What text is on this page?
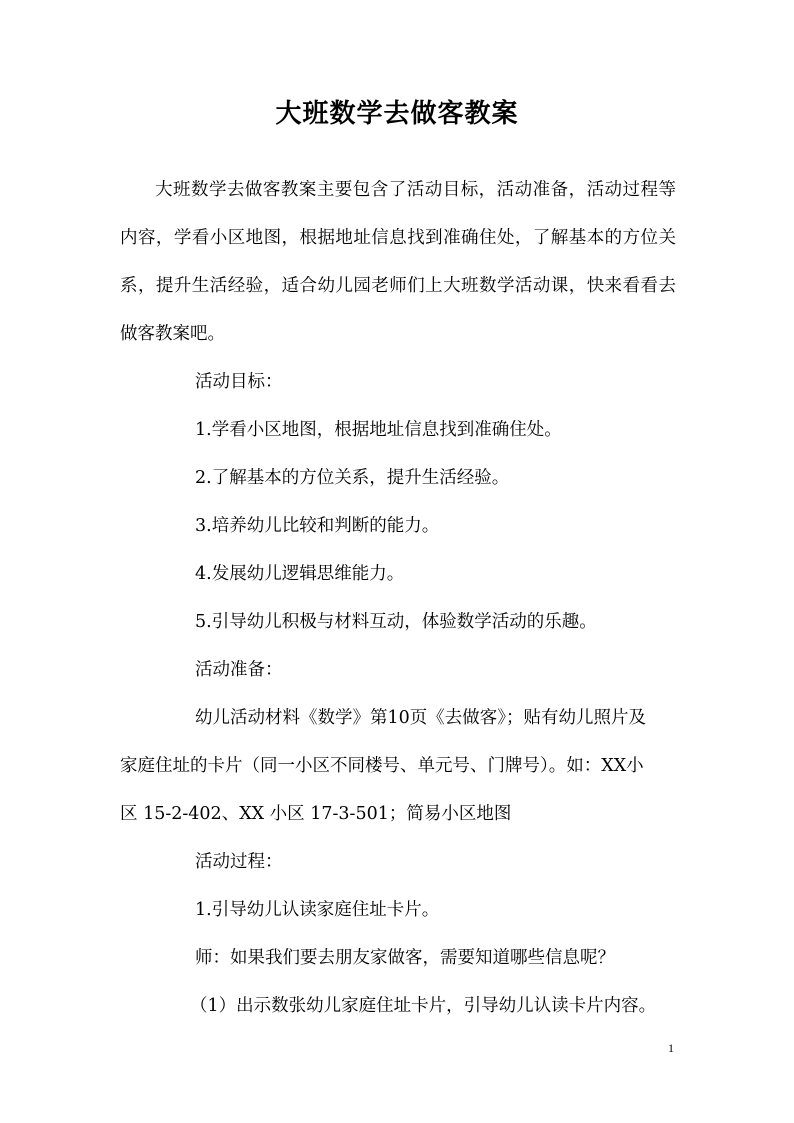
大班数学去做客教案

大班数学去做客教案主要包含了活动目标，活动准备，活动过程等内容，学看小区地图，根据地址信息找到准确住处，了解基本的方位关系，提升生活经验，适合幼儿园老师们上大班数学活动课，快来看看去做客教案吧。

活动目标：

1.学看小区地图，根据地址信息找到准确住处。

2.了解基本的方位关系，提升生活经验。

3.培养幼儿比较和判断的能力。

4.发展幼儿逻辑思维能力。

5.引导幼儿积极与材料互动，体验数学活动的乐趣。

活动准备：

幼儿活动材料《数学》第10页《去做客》；贴有幼儿照片及

家庭住址的卡片（同一小区不同楼号、单元号、门牌号）。如：XX小

区 15-2-402、XX 小区 17-3-501；简易小区地图

活动过程：

1.引导幼儿认读家庭住址卡片。

师：如果我们要去朋友家做客，需要知道哪些信息呢？

（1）出示数张幼儿家庭住址卡片，引导幼儿认读卡片内容。

1
